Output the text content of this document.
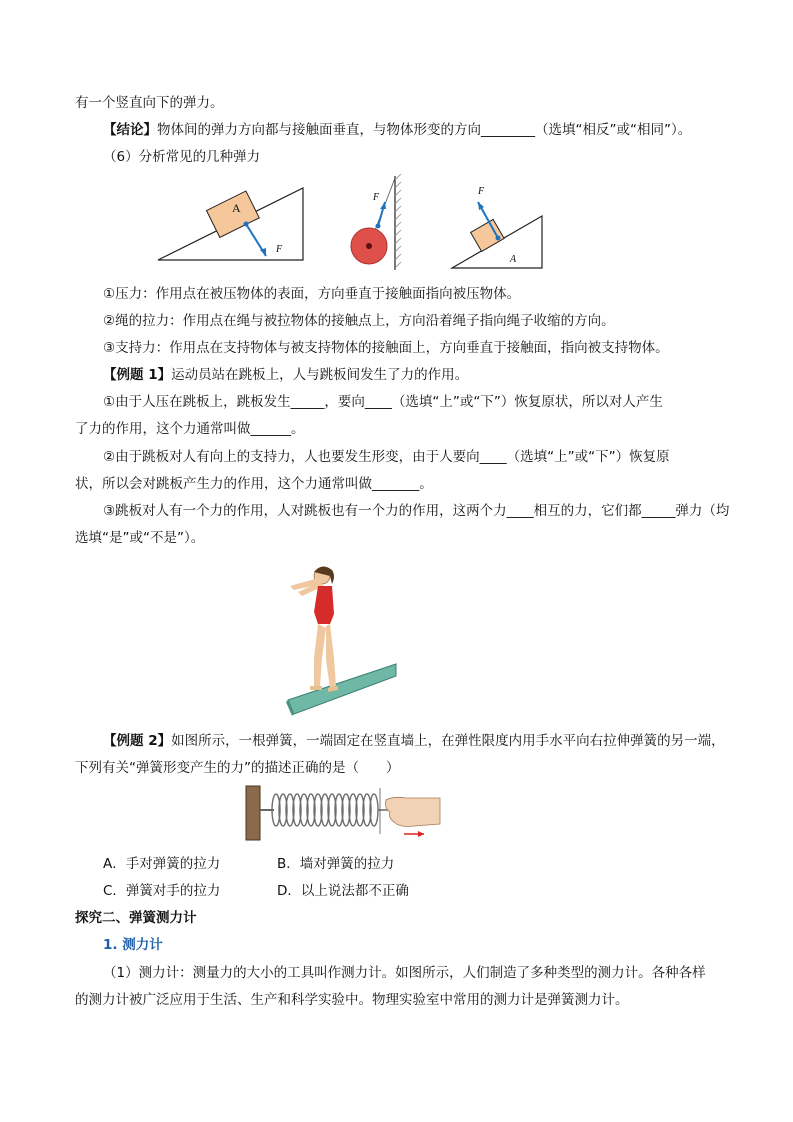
有一个竖直向下的弹力。
【结论】物体间的弹力方向都与接触面垂直，与物体形变的方向________（选填“相反”或“相同”）。
（6）分析常见的几种弹力
A
F
F
F
A
①压力：作用点在被压物体的表面，方向垂直于接触面指向被压物体。
②绳的拉力：作用点在绳与被拉物体的接触点上，方向沿着绳子指向绳子收缩的方向。
③支持力：作用点在支持物体与被支持物体的接触面上，方向垂直于接触面，指向被支持物体。
【例题 1】运动员站在跳板上，人与跳板间发生了力的作用。
①由于人压在跳板上，跳板发生_____，要向____（选填“上”或“下”）恢复原状，所以对人产生
了力的作用，这个力通常叫做______。
②由于跳板对人有向上的支持力，人也要发生形变，由于人要向____（选填“上”或“下”）恢复原
状，所以会对跳板产生力的作用，这个力通常叫做_______。
③跳板对人有一个力的作用，人对跳板也有一个力的作用，这两个力____相互的力，它们都_____弹力（均
选填“是”或“不是”）。
【例题 2】如图所示，一根弹簧，一端固定在竖直墙上，在弹性限度内用手水平向右拉伸弹簧的另一端，
下列有关“弹簧形变产生的力”的描述正确的是（　　）
A．手对弹簧的拉力	B．墙对弹簧的拉力
C．弹簧对手的拉力	D．以上说法都不正确
探究二、弹簧测力计
1. 测力计
（1）测力计：测量力的大小的工具叫作测力计。如图所示，人们制造了多种类型的测力计。各种各样
的测力计被广泛应用于生活、生产和科学实验中。物理实验室中常用的测力计是弹簧测力计。
